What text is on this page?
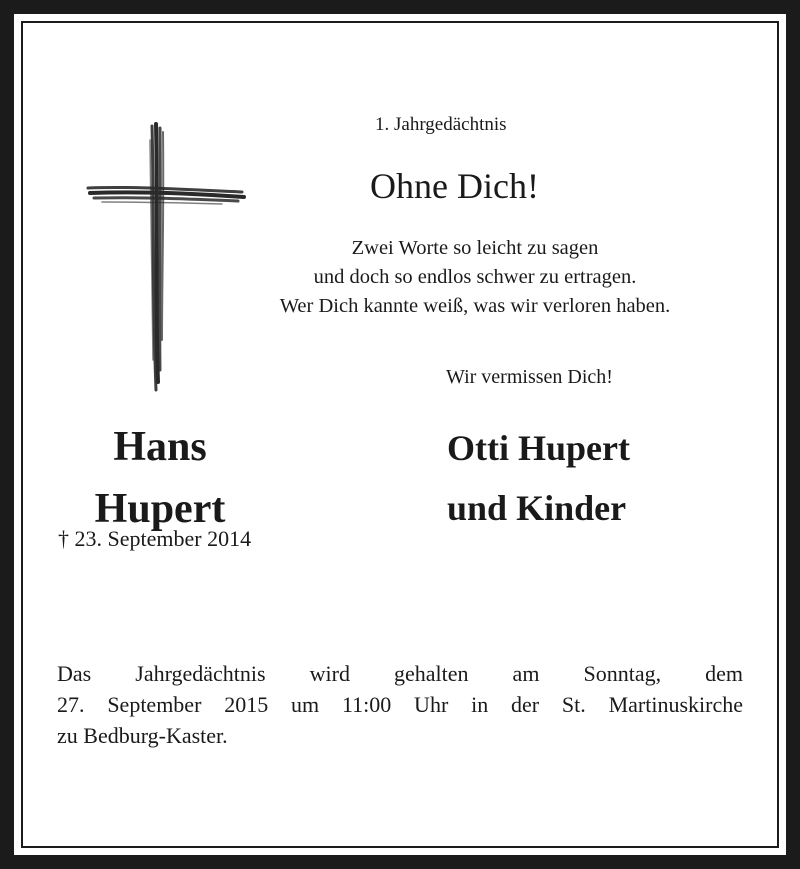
1. Jahrgedächtnis
Ohne Dich!
Zwei Worte so leicht zu sagen
und doch so endlos schwer zu ertragen.
Wer Dich kannte weiß, was wir verloren haben.
Wir vermissen Dich!
Hans
Hupert
† 23. September 2014
Otti Hupert
und Kinder
Das Jahrgedächtnis wird gehalten am Sonntag, dem
27. September 2015 um 11:00 Uhr in der St. Martinuskirche
zu Bedburg-Kaster.
